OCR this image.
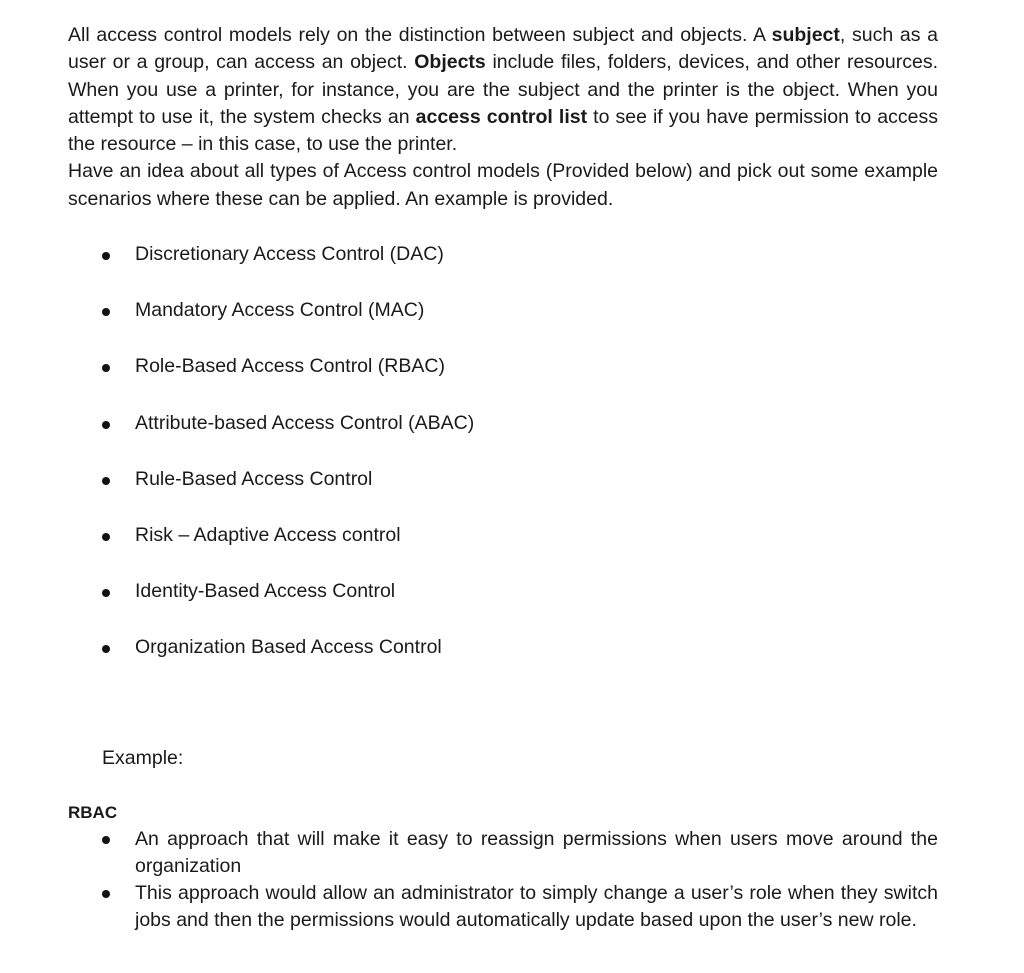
All access control models rely on the distinction between subject and objects. A subject, such as a user or a group, can access an object. Objects include files, folders, devices, and other resources. When you use a printer, for instance, you are the subject and the printer is the object. When you attempt to use it, the system checks an access control list to see if you have permission to access the resource – in this case, to use the printer.
Have an idea about all types of Access control models (Provided below) and pick out some example scenarios where these can be applied. An example is provided.

Discretionary Access Control (DAC)
Mandatory Access Control (MAC)
Role-Based Access Control (RBAC)
Attribute-based Access Control (ABAC)
Rule-Based Access Control
Risk – Adaptive Access control
Identity-Based Access Control
Organization Based Access Control
Example:
RBAC
An approach that will make it easy to reassign permissions when users move around the organization
This approach would allow an administrator to simply change a user’s role when they switch jobs and then the permissions would automatically update based upon the user’s new role.
